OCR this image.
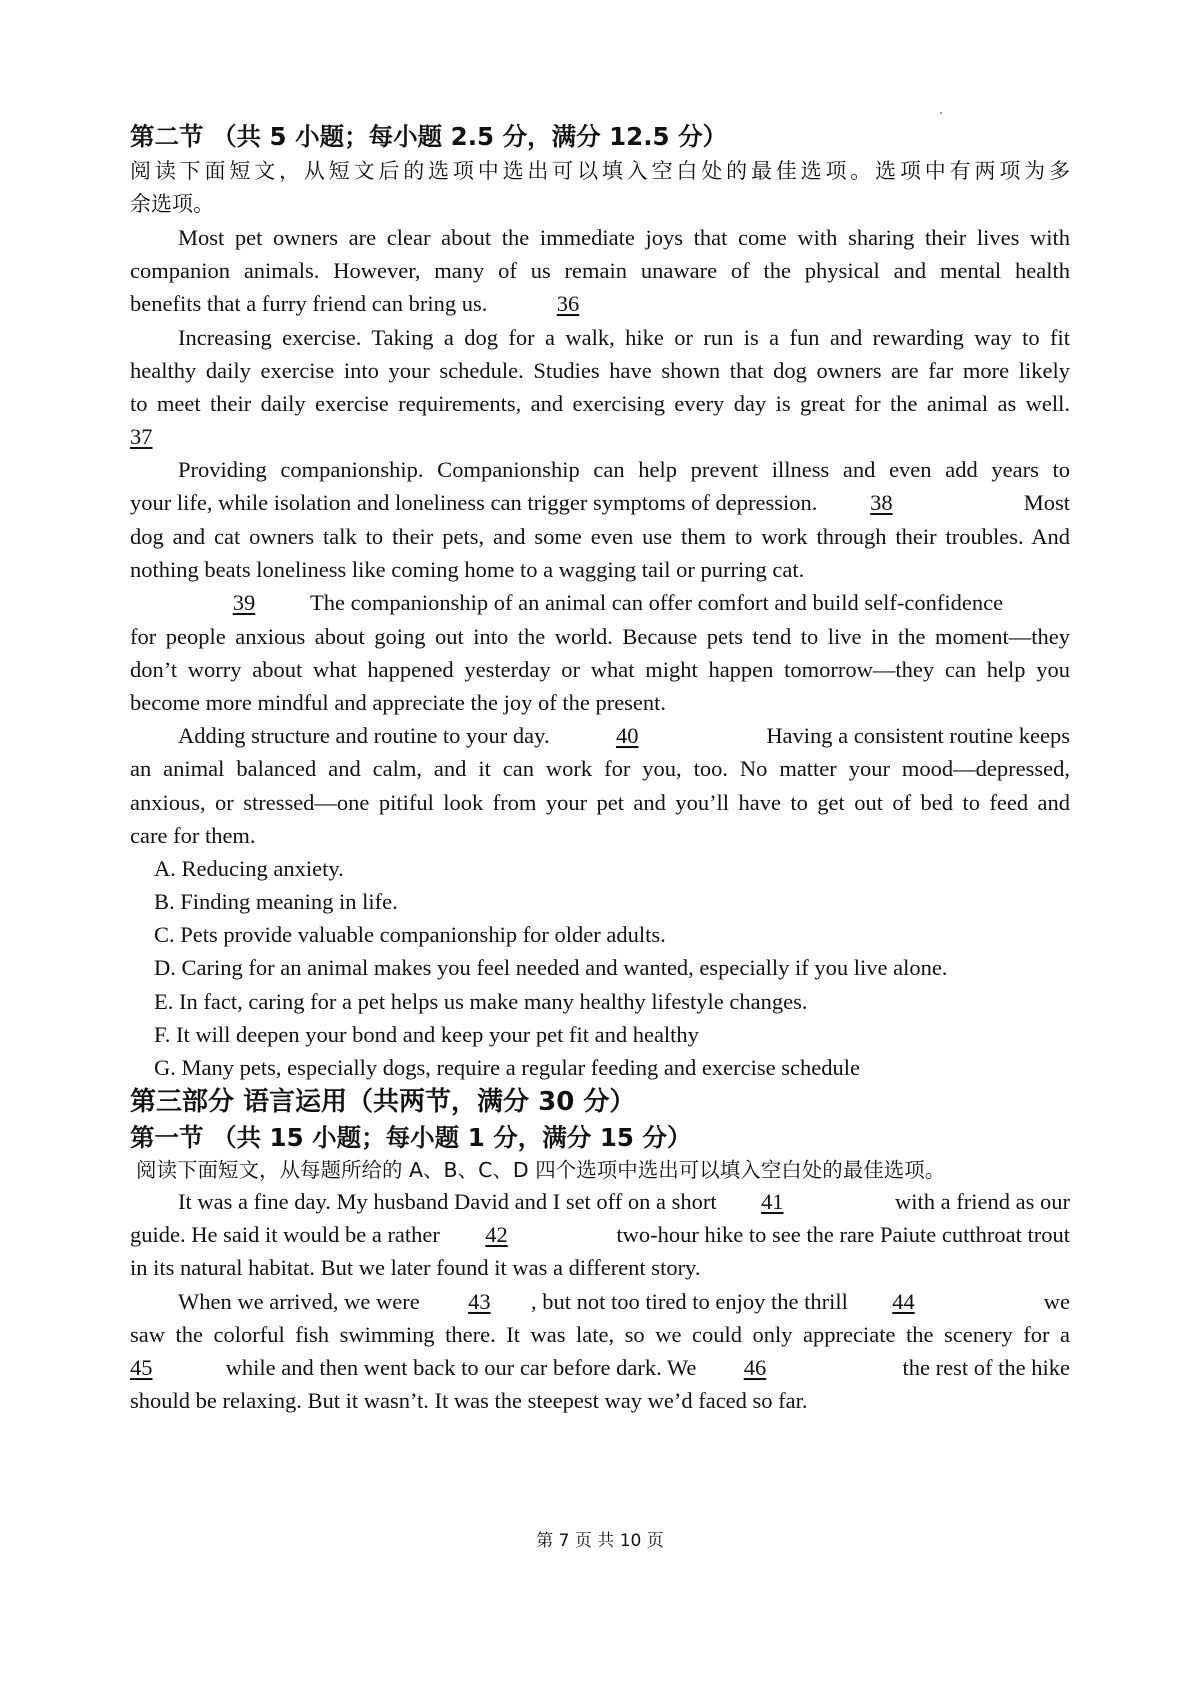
第二节 （共 5 小题；每小题 2.5 分，满分 12.5 分）
阅读下面短文，从短文后的选项中选出可以填入空白处的最佳选项。选项中有两项为多
余选项。
Most pet owners are clear about the immediate joys that come with sharing their lives with
companion animals. However, many of us remain unaware of the physical and mental health
benefits that a furry friend can bring us.	36
Increasing exercise. Taking a dog for a walk, hike or run is a fun and rewarding way to fit
healthy daily exercise into your schedule. Studies have shown that dog owners are far more likely
to meet their daily exercise requirements, and exercising every day is great for the animal as well.
37
Providing companionship. Companionship can help prevent illness and even add years to
your life, while isolation and loneliness can trigger symptoms of depression. 38	Most
dog and cat owners talk to their pets, and some even use them to work through their troubles. And
nothing beats loneliness like coming home to a wagging tail or purring cat.
39 The companionship of an animal can offer comfort and build self-confidence
for people anxious about going out into the world. Because pets tend to live in the moment—they
don’t worry about what happened yesterday or what might happen tomorrow—they can help you
become more mindful and appreciate the joy of the present.
Adding structure and routine to your day.	40	Having a consistent routine keeps
an animal balanced and calm, and it can work for you, too. No matter your mood—depressed,
anxious, or stressed—one pitiful look from your pet and you’ll have to get out of bed to feed and
care for them.
A. Reducing anxiety.
B. Finding meaning in life.
C. Pets provide valuable companionship for older adults.
D. Caring for an animal makes you feel needed and wanted, especially if you live alone.
E. In fact, caring for a pet helps us make many healthy lifestyle changes.
F. It will deepen your bond and keep your pet fit and healthy
G. Many pets, especially dogs, require a regular feeding and exercise schedule
第三部分 语言运用（共两节，满分 30 分）
第一节 （共 15 小题；每小题 1 分，满分 15 分）
阅读下面短文，从每题所给的 A、B、C、D 四个选项中选出可以填入空白处的最佳选项。
It was a fine day. My husband David and I set off on a short 41	with a friend as our
guide. He said it would be a rather 42	two-hour hike to see the rare Paiute cutthroat trout
in its natural habitat. But we later found it was a different story.
When we arrived, we were 43 , but not too tired to enjoy the thrill 44	we
saw the colorful fish swimming there. It was late, so we could only appreciate the scenery for a
45	while and then went back to our car before dark. We 46	the rest of the hike
should be relaxing. But it wasn’t. It was the steepest way we’d faced so far.
第 7 页 共 10 页
